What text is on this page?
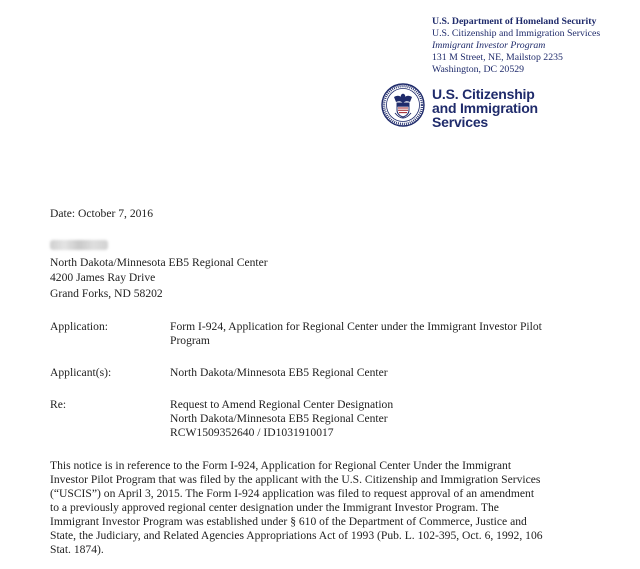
U.S. Department of Homeland Security
U.S. Citizenship and Immigration Services
Immigrant Investor Program
131 M Street, NE, Mailstop 2235
Washington, DC 20529
U.S. Citizenship
and Immigration
Services
Date: October 7, 2016
North Dakota/Minnesota EB5 Regional Center
4200 James Ray Drive
Grand Forks, ND 58202
Application:	Form I-924, Application for Regional Center under the Immigrant Investor Pilot
Program
Applicant(s):	North Dakota/Minnesota EB5 Regional Center
Re:	Request to Amend Regional Center Designation
North Dakota/Minnesota EB5 Regional Center
RCW1509352640 / ID1031910017
This notice is in reference to the Form I-924, Application for Regional Center Under the Immigrant
Investor Pilot Program that was filed by the applicant with the U.S. Citizenship and Immigration Services
(“USCIS”) on April 3, 2015. The Form I-924 application was filed to request approval of an amendment
to a previously approved regional center designation under the Immigrant Investor Program. The
Immigrant Investor Program was established under § 610 of the Department of Commerce, Justice and
State, the Judiciary, and Related Agencies Appropriations Act of 1993 (Pub. L. 102-395, Oct. 6, 1992, 106
Stat. 1874).
